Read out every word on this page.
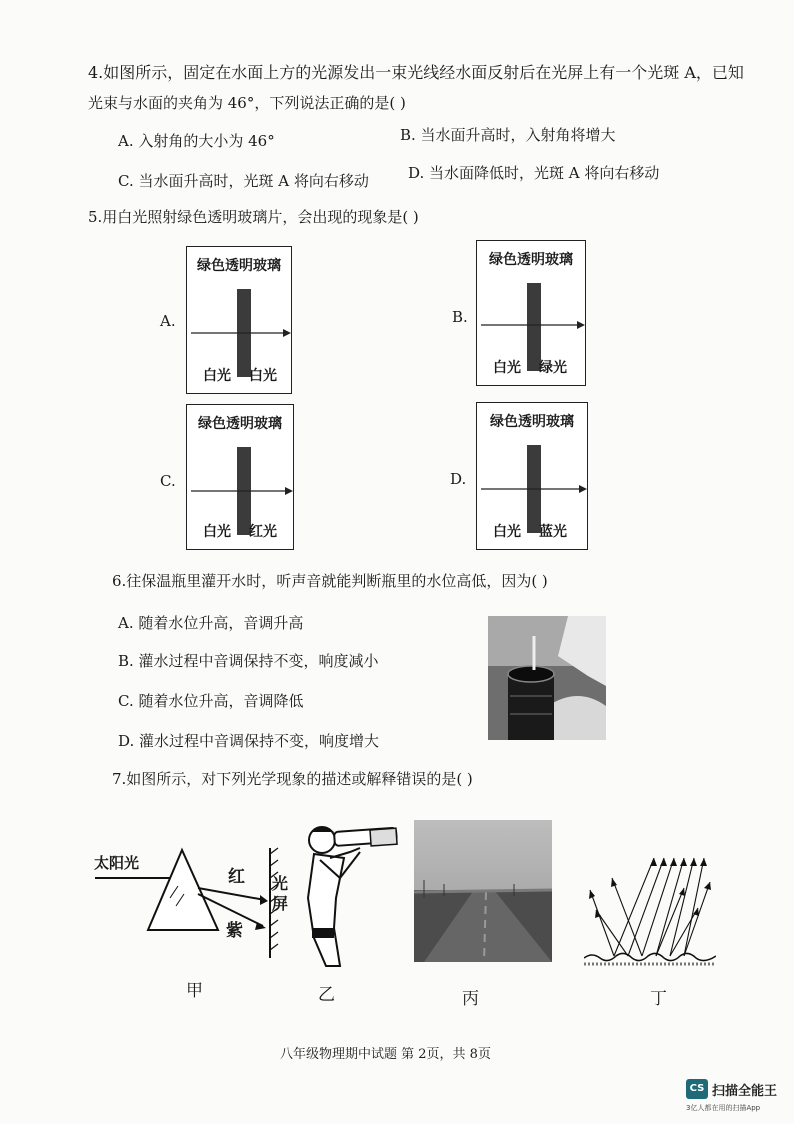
4.如图所示，固定在水面上方的光源发出一束光线经水面反射后在光屏上有一个光斑 A，已知
光束与水面的夹角为 46°，下列说法正确的是( )
A. 入射角的大小为 46°	B. 当水面升高时，入射角将增大
C. 当水面升高时，光斑 A 将向右移动	D. 当水面降低时，光斑 A 将向右移动
5.用白光照射绿色透明玻璃片，会出现的现象是( )
A.
绿色透明玻璃
白光 白光
B.
绿色透明玻璃
白光 绿光
C.
绿色透明玻璃
白光 红光
D.
绿色透明玻璃
白光 蓝光
6.往保温瓶里灌开水时，听声音就能判断瓶里的水位高低，因为( )
A. 随着水位升高，音调升高
B. 灌水过程中音调保持不变，响度减小
C. 随着水位升高，音调降低
D. 灌水过程中音调保持不变，响度增大
7.如图所示，对下列光学现象的描述或解释错误的是( )
太阳光
红
紫
光屏
甲	乙	丙	丁
八年级物理期中试题 第 2页，共 8页
CS 扫描全能王
3亿人都在用的扫描App
